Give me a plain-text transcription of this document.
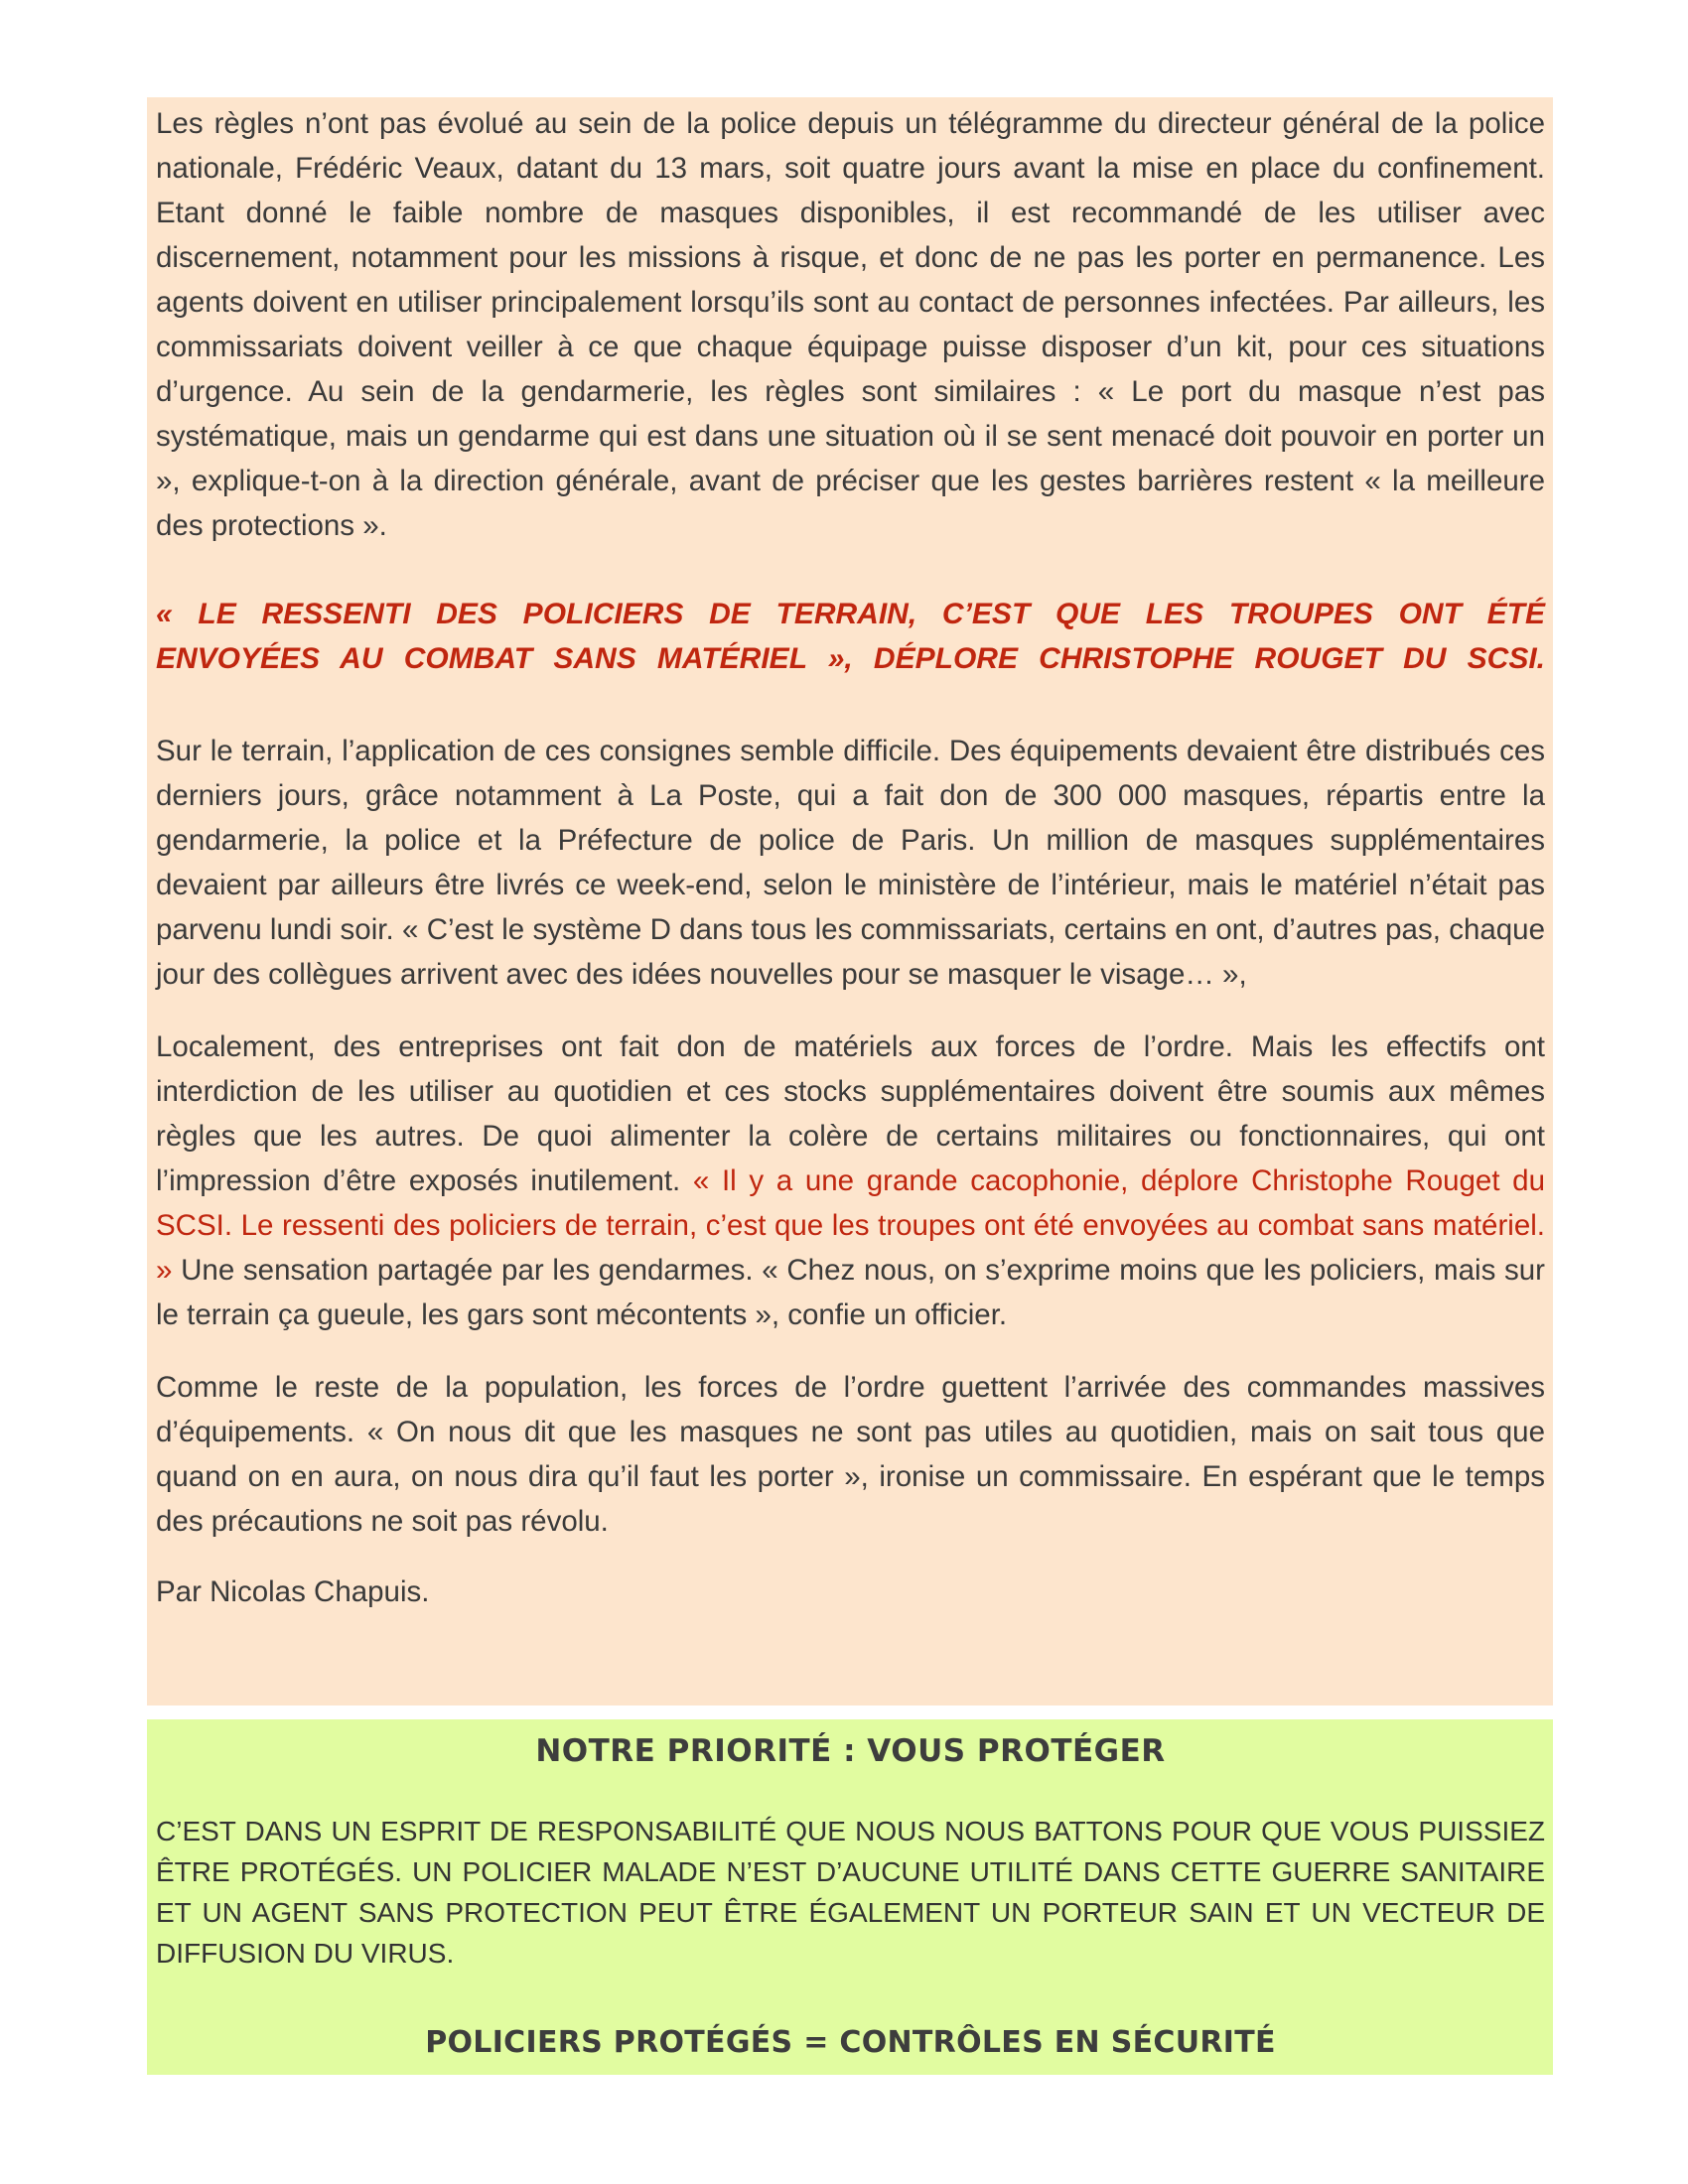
Les règles n’ont pas évolué au sein de la police depuis un télégramme du directeur général de la police nationale, Frédéric Veaux, datant du 13 mars, soit quatre jours avant la mise en place du confinement. Etant donné le faible nombre de masques disponibles, il est recommandé de les utiliser avec discernement, notamment pour les missions à risque, et donc de ne pas les porter en permanence. Les agents doivent en utiliser principalement lorsqu’ils sont au contact de personnes infectées. Par ailleurs, les commissariats doivent veiller à ce que chaque équipage puisse disposer d’un kit, pour ces situations d’urgence. Au sein de la gendarmerie, les règles sont similaires : « Le port du masque n’est pas systématique, mais un gendarme qui est dans une situation où il se sent menacé doit pouvoir en porter un », explique-t-on à la direction générale, avant de préciser que les gestes barrières restent « la meilleure des protections ».

« LE RESSENTI DES POLICIERS DE TERRAIN, C’EST QUE LES TROUPES ONT ÉTÉ
ENVOYÉES AU COMBAT SANS MATÉRIEL », DÉPLORE CHRISTOPHE ROUGET DU SCSI.

Sur le terrain, l’application de ces consignes semble difficile. Des équipements devaient être distribués ces derniers jours, grâce notamment à La Poste, qui a fait don de 300 000 masques, répartis entre la gendarmerie, la police et la Préfecture de police de Paris. Un million de masques supplémentaires devaient par ailleurs être livrés ce week-end, selon le ministère de l’intérieur, mais le matériel n’était pas parvenu lundi soir. « C’est le système D dans tous les commissariats, certains en ont, d’autres pas, chaque jour des collègues arrivent avec des idées nouvelles pour se masquer le visage… »,

Localement, des entreprises ont fait don de matériels aux forces de l’ordre. Mais les effectifs ont interdiction de les utiliser au quotidien et ces stocks supplémentaires doivent être soumis aux mêmes règles que les autres. De quoi alimenter la colère de certains militaires ou fonctionnaires, qui ont l’impression d’être exposés inutilement. « Il y a une grande cacophonie, déplore Christophe Rouget du SCSI. Le ressenti des policiers de terrain, c’est que les troupes ont été envoyées au combat sans matériel. » Une sensation partagée par les gendarmes. « Chez nous, on s’exprime moins que les policiers, mais sur le terrain ça gueule, les gars sont mécontents », confie un officier.

Comme le reste de la population, les forces de l’ordre guettent l’arrivée des commandes massives d’équipements. « On nous dit que les masques ne sont pas utiles au quotidien, mais on sait tous que quand on en aura, on nous dira qu’il faut les porter », ironise un commissaire. En espérant que le temps des précautions ne soit pas révolu.

Par Nicolas Chapuis.

NOTRE PRIORITÉ : VOUS PROTÉGER

C’EST DANS UN ESPRIT DE RESPONSABILITÉ QUE NOUS NOUS BATTONS POUR QUE VOUS PUISSIEZ ÊTRE PROTÉGÉS. UN POLICIER MALADE N’EST D’AUCUNE UTILITÉ DANS CETTE GUERRE SANITAIRE ET UN AGENT SANS PROTECTION PEUT ÊTRE ÉGALEMENT UN PORTEUR SAIN ET UN VECTEUR DE DIFFUSION DU VIRUS.

POLICIERS PROTÉGÉS = CONTRÔLES EN SÉCURITÉ
